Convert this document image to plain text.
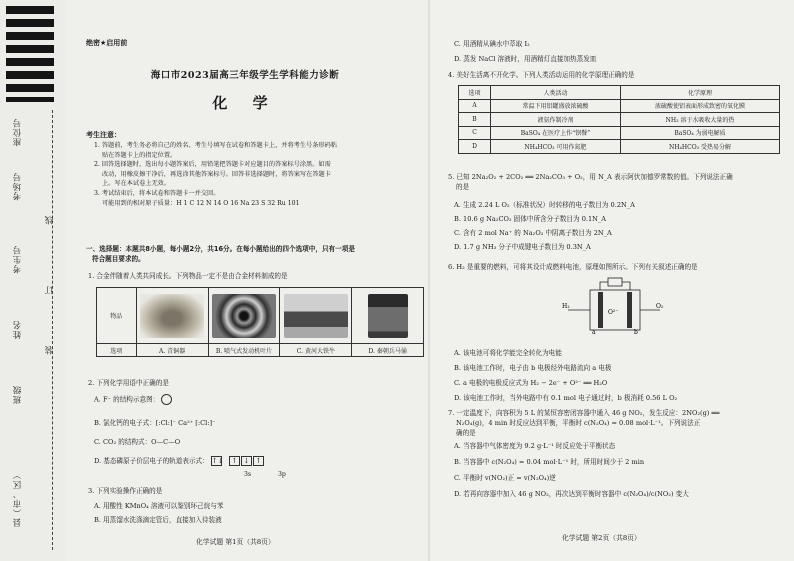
座位号
考场号
考生号
姓名
班级
县（市、区）
线
订
装
绝密★启用前
海口市2023届高三年级学生学科能力诊断
化 学
考生注意：
1. 答题前，考生务必将自己的姓名、考生号填写在试卷和答题卡上，并将考生号条形码粘
贴在答题卡上的指定位置。
2. 回答选择题时，选出每小题答案后，用铅笔把答题卡对应题目的答案标号涂黑。如需
改动，用橡皮擦干净后，再选涂其他答案标号。回答非选择题时，将答案写在答题卡
上。写在本试卷上无效。
3. 考试结束后，将本试卷和答题卡一并交回。
可能用到的相对原子质量：H 1 C 12 N 14 O 16 Na 23 S 32 Ru 101
一、选择题：本题共8小题，每小题2分，共16分。在每小题给出的四个选项中，只有一项是
符合题目要求的。
1. 合金伴随着人类共同成长。下列物品一定不是由合金材料制成的是
物品	

选项	A. 青铜器	B. 喷气式发动机叶片	C. 黄河大铁牛	D. 秦朝兵马俑
2. 下列化学用语中正确的是
A. F⁻ 的结构示意图：
B. 氯化钙的电子式：[:Cl:]⁻ Ca²⁺ [:Cl:]⁻
C. CO₂ 的结构式：O—C—O
D. 基态磷原子价层电子的轨道表示式： ↑↓ ↑ ↓ ↑
3s	3p
3. 下列实验操作正确的是
A. 用酸性 KMnO₄ 溶液可以鉴别环己烷与苯
B. 用蒸馏水洗涤滴定管后，直接加入待装液
化学试题 第1页（共8页）
C. 用酒精从碘水中萃取 I₂
D. 蒸发 NaCl 溶液时，用酒精灯直接加热蒸发皿
4. 美好生活离不开化学。下列人类活动运用的化学原理正确的是
选项	人类活动	化学原理
A	常温下用铝罐盛放浓硫酸	浓硫酸使铝表面形成致密的氧化膜
B	液氨作制冷剂	NH₃ 溶于水吸收大量的热
C	BaSO₄ 在医疗上作“钡餐”	BaSO₄ 为弱电解质
D	NH₄HCO₃ 可用作氮肥	NH₄HCO₃ 受热易分解
5. 已知 2Na₂O₂ + 2CO₂ ══ 2Na₂CO₃ + O₂，用 N_A 表示阿伏加德罗常数的值。下列说法正确
的是
A. 生成 2.24 L O₂（标准状况）时转移的电子数目为 0.2N_A
B. 10.6 g Na₂CO₃ 固体中所含分子数目为 0.1N_A
C. 含有 2 mol Na⁺ 的 Na₂O₂ 中阴离子数目为 2N_A
D. 1.7 g NH₃ 分子中成键电子数目为 0.3N_A
6. H₂ 是重要的燃料，可将其设计成燃料电池，原理如图所示。下列有关叙述正确的是
H₂
a	b
O₂
O²⁻
A. 该电池可将化学能完全转化为电能
B. 该电池工作时，电子由 b 电极经外电路流向 a 电极
C. a 电极的电极反应式为 H₂ − 2e⁻ + O²⁻ ══ H₂O
D. 该电池工作时，当外电路中有 0.1 mol 电子通过时，b 极消耗 0.56 L O₂
7. 一定温度下，向容积为 5 L 的某恒容密闭容器中通入 46 g NO₂，发生反应：2NO₂(g) ══
N₂O₄(g)，4 min 时反应达到平衡，平衡时 c(N₂O₄) = 0.08 mol·L⁻¹。下列说法正
确的是
A. 当容器中气体密度为 9.2 g·L⁻¹ 时反应处于平衡状态
B. 当容器中 c(N₂O₄) = 0.04 mol·L⁻¹ 时，所用时间少于 2 min
C. 平衡时 v(NO₂)正 = v(N₂O₄)逆
D. 若再向容器中加入 46 g NO₂，再次达到平衡时容器中 c(N₂O₄)/c(NO₂) 变大
化学试题 第2页（共8页）
